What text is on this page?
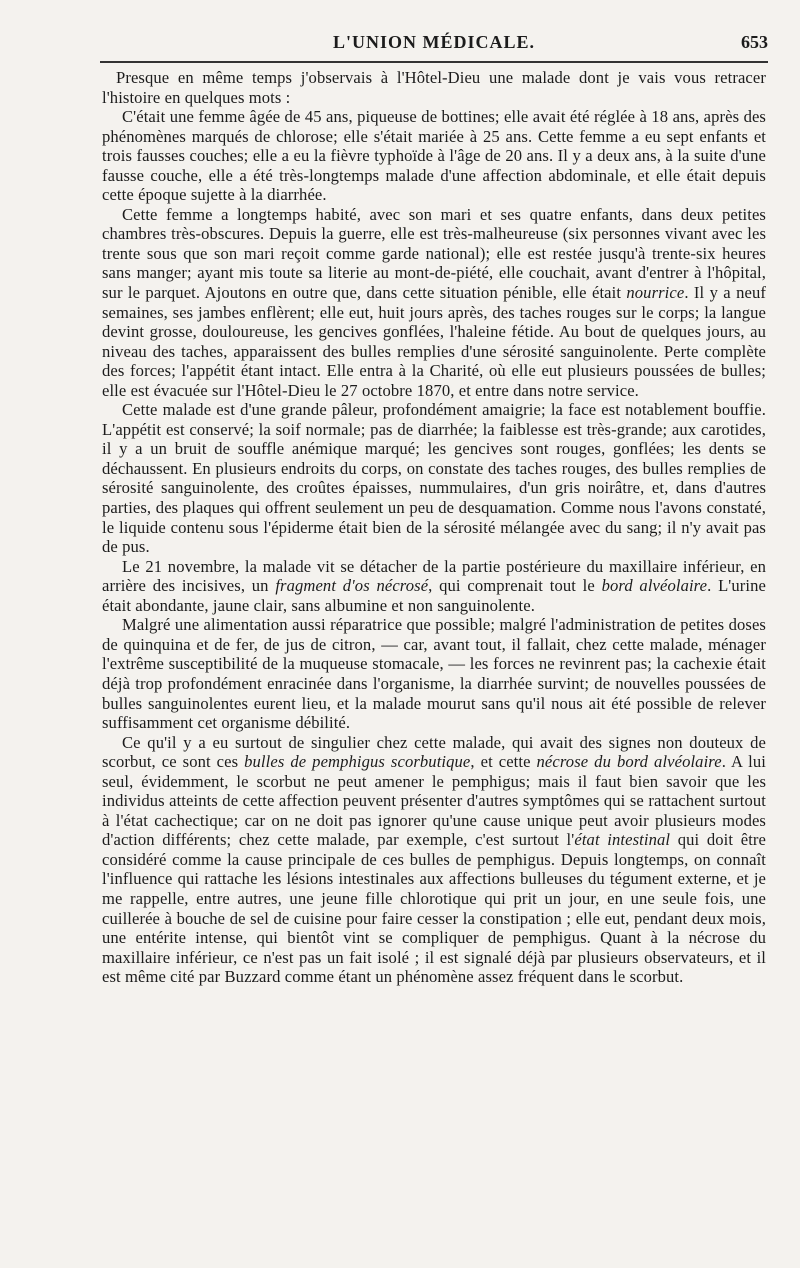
L'UNION MÉDICALE.	653

Presque en même temps j'observais à l'Hôtel-Dieu une malade dont je vais vous retracer l'histoire en quelques mots :

C'était une femme âgée de 45 ans, piqueuse de bottines; elle avait été réglée à 18 ans, après des phénomènes marqués de chlorose; elle s'était mariée à 25 ans. Cette femme a eu sept enfants et trois fausses couches; elle a eu la fièvre typhoïde à l'âge de 20 ans. Il y a deux ans, à la suite d'une fausse couche, elle a été très-longtemps malade d'une affection abdominale, et elle était depuis cette époque sujette à la diarrhée.

Cette femme a longtemps habité, avec son mari et ses quatre enfants, dans deux petites chambres très-obscures. Depuis la guerre, elle est très-malheureuse (six personnes vivant avec les trente sous que son mari reçoit comme garde national); elle est restée jusqu'à trente-six heures sans manger; ayant mis toute sa literie au mont-de-piété, elle couchait, avant d'entrer à l'hôpital, sur le parquet. Ajoutons en outre que, dans cette situation pénible, elle était nourrice. Il y a neuf semaines, ses jambes enflèrent; elle eut, huit jours après, des taches rouges sur le corps; la langue devint grosse, douloureuse, les gencives gonflées, l'haleine fétide. Au bout de quelques jours, au niveau des taches, apparaissent des bulles remplies d'une sérosité sanguinolente. Perte complète des forces; l'appétit étant intact. Elle entra à la Charité, où elle eut plusieurs poussées de bulles; elle est évacuée sur l'Hôtel-Dieu le 27 octobre 1870, et entre dans notre service.

Cette malade est d'une grande pâleur, profondément amaigrie; la face est notablement bouffie. L'appétit est conservé; la soif normale; pas de diarrhée; la faiblesse est très-grande; aux carotides, il y a un bruit de souffle anémique marqué; les gencives sont rouges, gonflées; les dents se déchaussent. En plusieurs endroits du corps, on constate des taches rouges, des bulles remplies de sérosité sanguinolente, des croûtes épaisses, nummulaires, d'un gris noirâtre, et, dans d'autres parties, des plaques qui offrent seulement un peu de desquamation. Comme nous l'avons constaté, le liquide contenu sous l'épiderme était bien de la sérosité mélangée avec du sang; il n'y avait pas de pus.

Le 21 novembre, la malade vit se détacher de la partie postérieure du maxillaire inférieur, en arrière des incisives, un fragment d'os nécrosé, qui comprenait tout le bord alvéolaire. L'urine était abondante, jaune clair, sans albumine et non sanguinolente.

Malgré une alimentation aussi réparatrice que possible; malgré l'administration de petites doses de quinquina et de fer, de jus de citron, — car, avant tout, il fallait, chez cette malade, ménager l'extrême susceptibilité de la muqueuse stomacale, — les forces ne revinrent pas; la cachexie était déjà trop profondément enracinée dans l'organisme, la diarrhée survint; de nouvelles poussées de bulles sanguinolentes eurent lieu, et la malade mourut sans qu'il nous ait été possible de relever suffisamment cet organisme débilité.

Ce qu'il y a eu surtout de singulier chez cette malade, qui avait des signes non douteux de scorbut, ce sont ces bulles de pemphigus scorbutique, et cette nécrose du bord alvéolaire. A lui seul, évidemment, le scorbut ne peut amener le pemphigus; mais il faut bien savoir que les individus atteints de cette affection peuvent présenter d'autres symptômes qui se rattachent surtout à l'état cachectique; car on ne doit pas ignorer qu'une cause unique peut avoir plusieurs modes d'action différents; chez cette malade, par exemple, c'est surtout l'état intestinal qui doit être considéré comme la cause principale de ces bulles de pemphigus. Depuis longtemps, on connaît l'influence qui rattache les lésions intestinales aux affections bulleuses du tégument externe, et je me rappelle, entre autres, une jeune fille chlorotique qui prit un jour, en une seule fois, une cuillerée à bouche de sel de cuisine pour faire cesser la constipation ; elle eut, pendant deux mois, une entérite intense, qui bientôt vint se compliquer de pemphigus. Quant à la nécrose du maxillaire inférieur, ce n'est pas un fait isolé ; il est signalé déjà par plusieurs observateurs, et il est même cité par Buzzard comme étant un phénomène assez fréquent dans le scorbut.
